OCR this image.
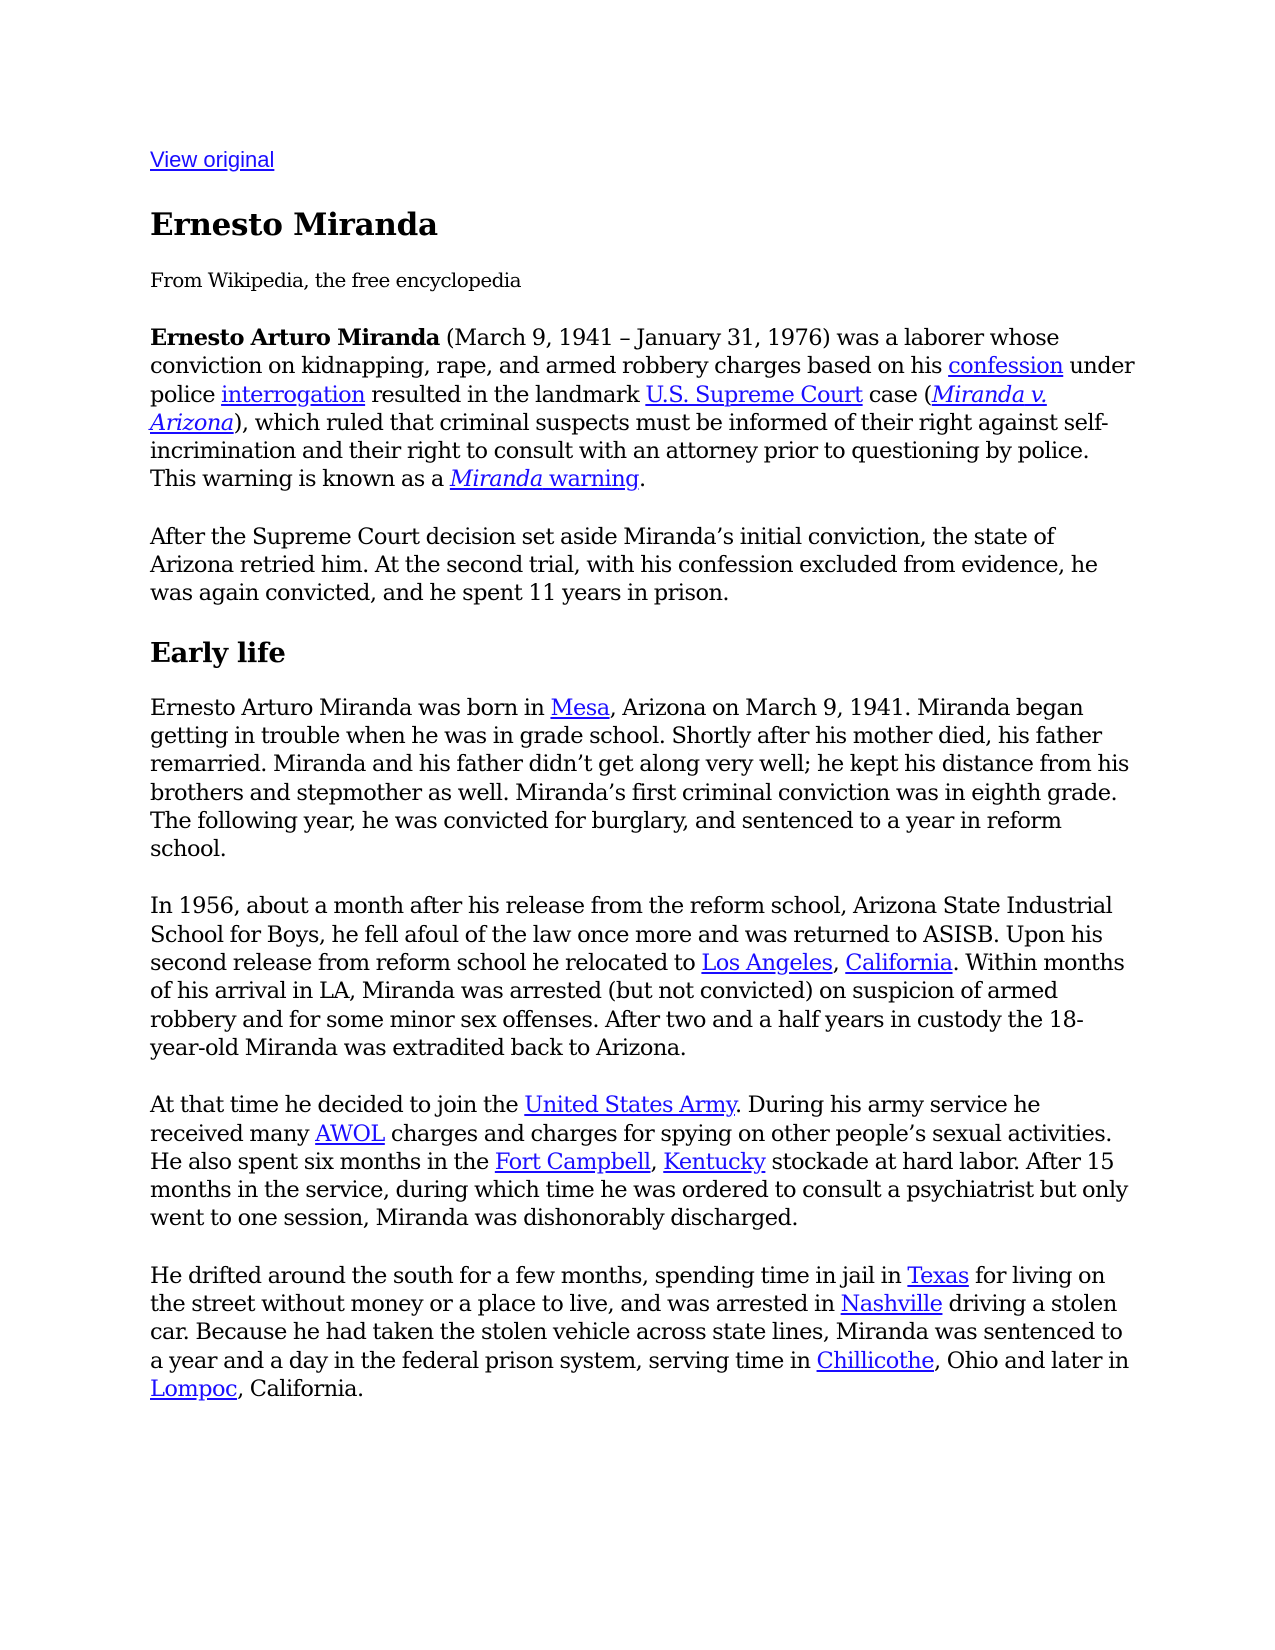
View original
Ernesto Miranda

From Wikipedia, the free encyclopedia

Ernesto Arturo Miranda (March 9, 1941 – January 31, 1976) was a laborer whose conviction on kidnapping, rape, and armed robbery charges based on his confession under police interrogation resulted in the landmark U.S. Supreme Court case (Miranda v. Arizona), which ruled that criminal suspects must be informed of their right against self-incrimination and their right to consult with an attorney prior to questioning by police. This warning is known as a Miranda warning.

After the Supreme Court decision set aside Miranda’s initial conviction, the state of Arizona retried him. At the second trial, with his confession excluded from evidence, he was again convicted, and he spent 11 years in prison.

Early life

Ernesto Arturo Miranda was born in Mesa, Arizona on March 9, 1941. Miranda began getting in trouble when he was in grade school. Shortly after his mother died, his father remarried. Miranda and his father didn’t get along very well; he kept his distance from his brothers and stepmother as well. Miranda’s first criminal conviction was in eighth grade. The following year, he was convicted for burglary, and sentenced to a year in reform school.

In 1956, about a month after his release from the reform school, Arizona State Industrial School for Boys, he fell afoul of the law once more and was returned to ASISB. Upon his second release from reform school he relocated to Los Angeles, California. Within months of his arrival in LA, Miranda was arrested (but not convicted) on suspicion of armed robbery and for some minor sex offenses. After two and a half years in custody the 18-year-old Miranda was extradited back to Arizona.

At that time he decided to join the United States Army. During his army service he received many AWOL charges and charges for spying on other people’s sexual activities. He also spent six months in the Fort Campbell, Kentucky stockade at hard labor. After 15 months in the service, during which time he was ordered to consult a psychiatrist but only went to one session, Miranda was dishonorably discharged.

He drifted around the south for a few months, spending time in jail in Texas for living on the street without money or a place to live, and was arrested in Nashville driving a stolen car. Because he had taken the stolen vehicle across state lines, Miranda was sentenced to a year and a day in the federal prison system, serving time in Chillicothe, Ohio and later in Lompoc, California.
